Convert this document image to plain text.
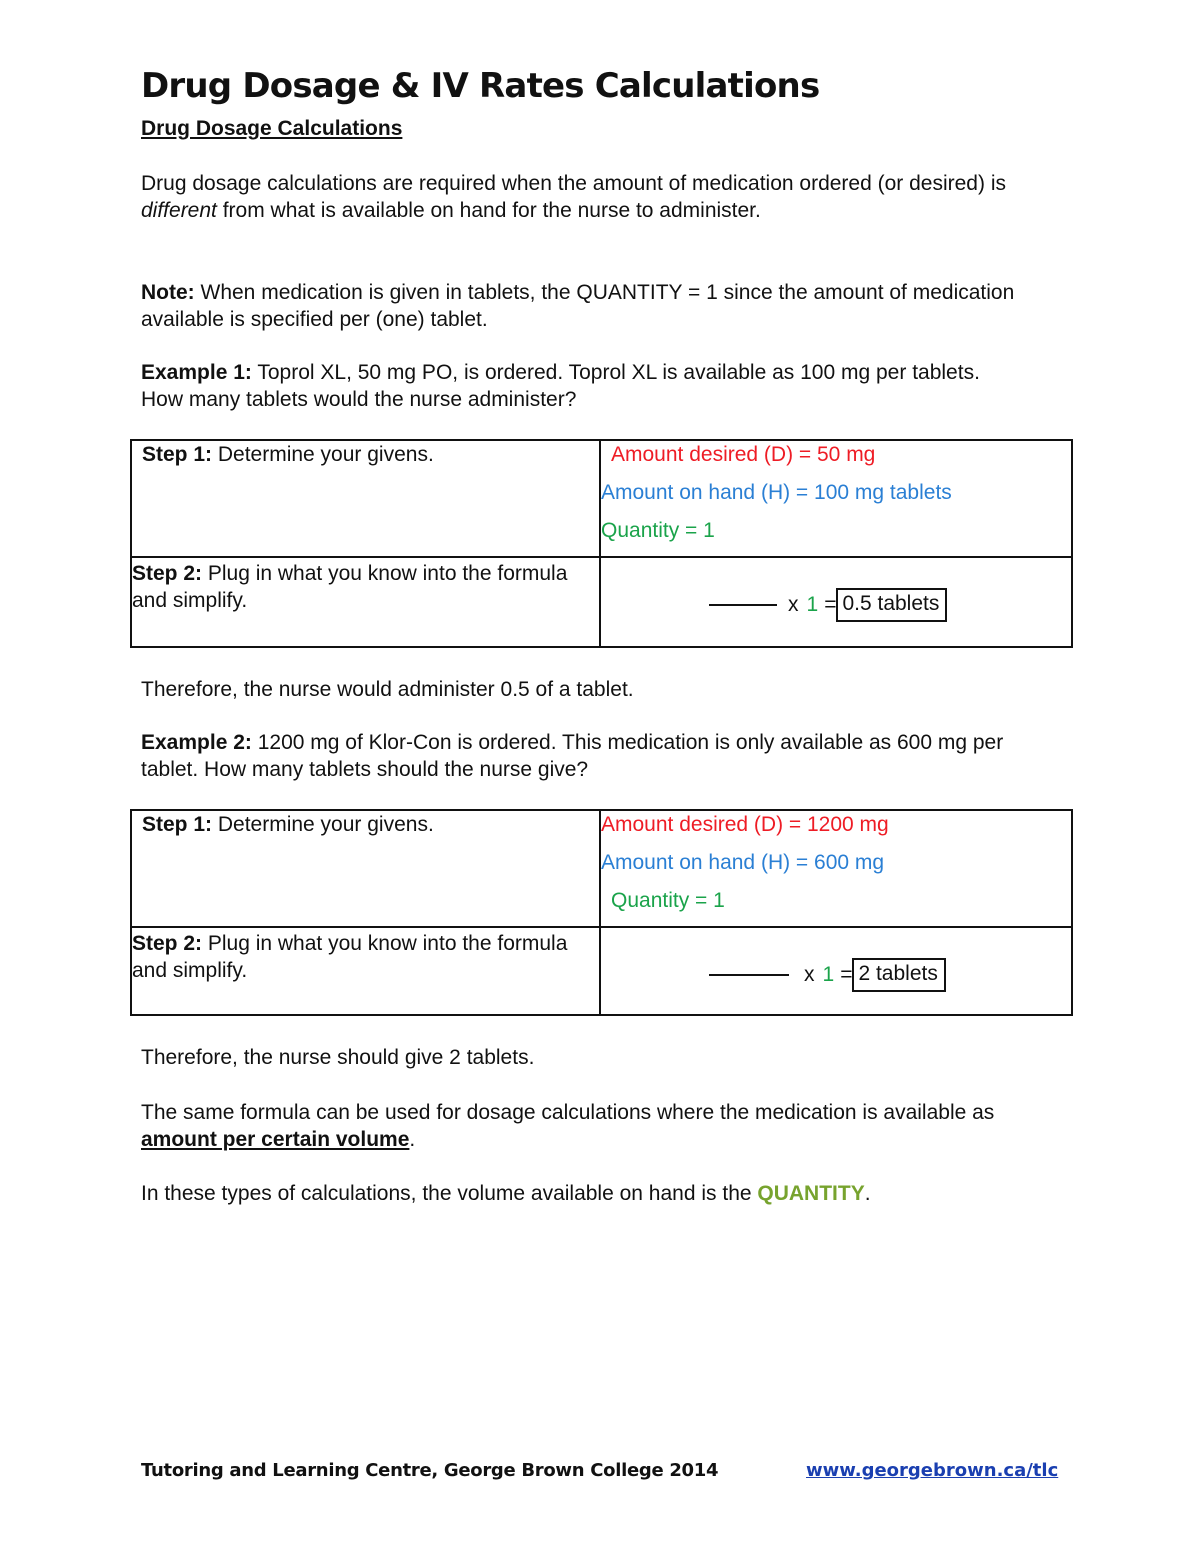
Drug Dosage & IV Rates Calculations
Drug Dosage Calculations
Drug dosage calculations are required when the amount of medication ordered (or desired) is different from what is available on hand for the nurse to administer.
Note: When medication is given in tablets, the QUANTITY = 1 since the amount of medication available is specified per (one) tablet.
Example 1: Toprol XL, 50 mg PO, is ordered. Toprol XL is available as 100 mg per tablets. How many tablets would the nurse administer?
Step 1: Determine your givens.	Amount desired (D) = 50 mg
Amount on hand (H) = 100 mg tablets
Quantity = 1

Step 2: Plug in what you know into the formula and simplify.	x 1 = 0.5 tablets
Therefore, the nurse would administer 0.5 of a tablet.
Example 2: 1200 mg of Klor-Con is ordered. This medication is only available as 600 mg per tablet. How many tablets should the nurse give?
Step 1: Determine your givens.	Amount desired (D) = 1200 mg
Amount on hand (H) = 600 mg
Quantity = 1

Step 2: Plug in what you know into the formula and simplify.	x 1 = 2 tablets
Therefore, the nurse should give 2 tablets.
The same formula can be used for dosage calculations where the medication is available as amount per certain volume.
In these types of calculations, the volume available on hand is the QUANTITY.
Tutoring and Learning Centre, George Brown College 2014	www.georgebrown.ca/tlc
